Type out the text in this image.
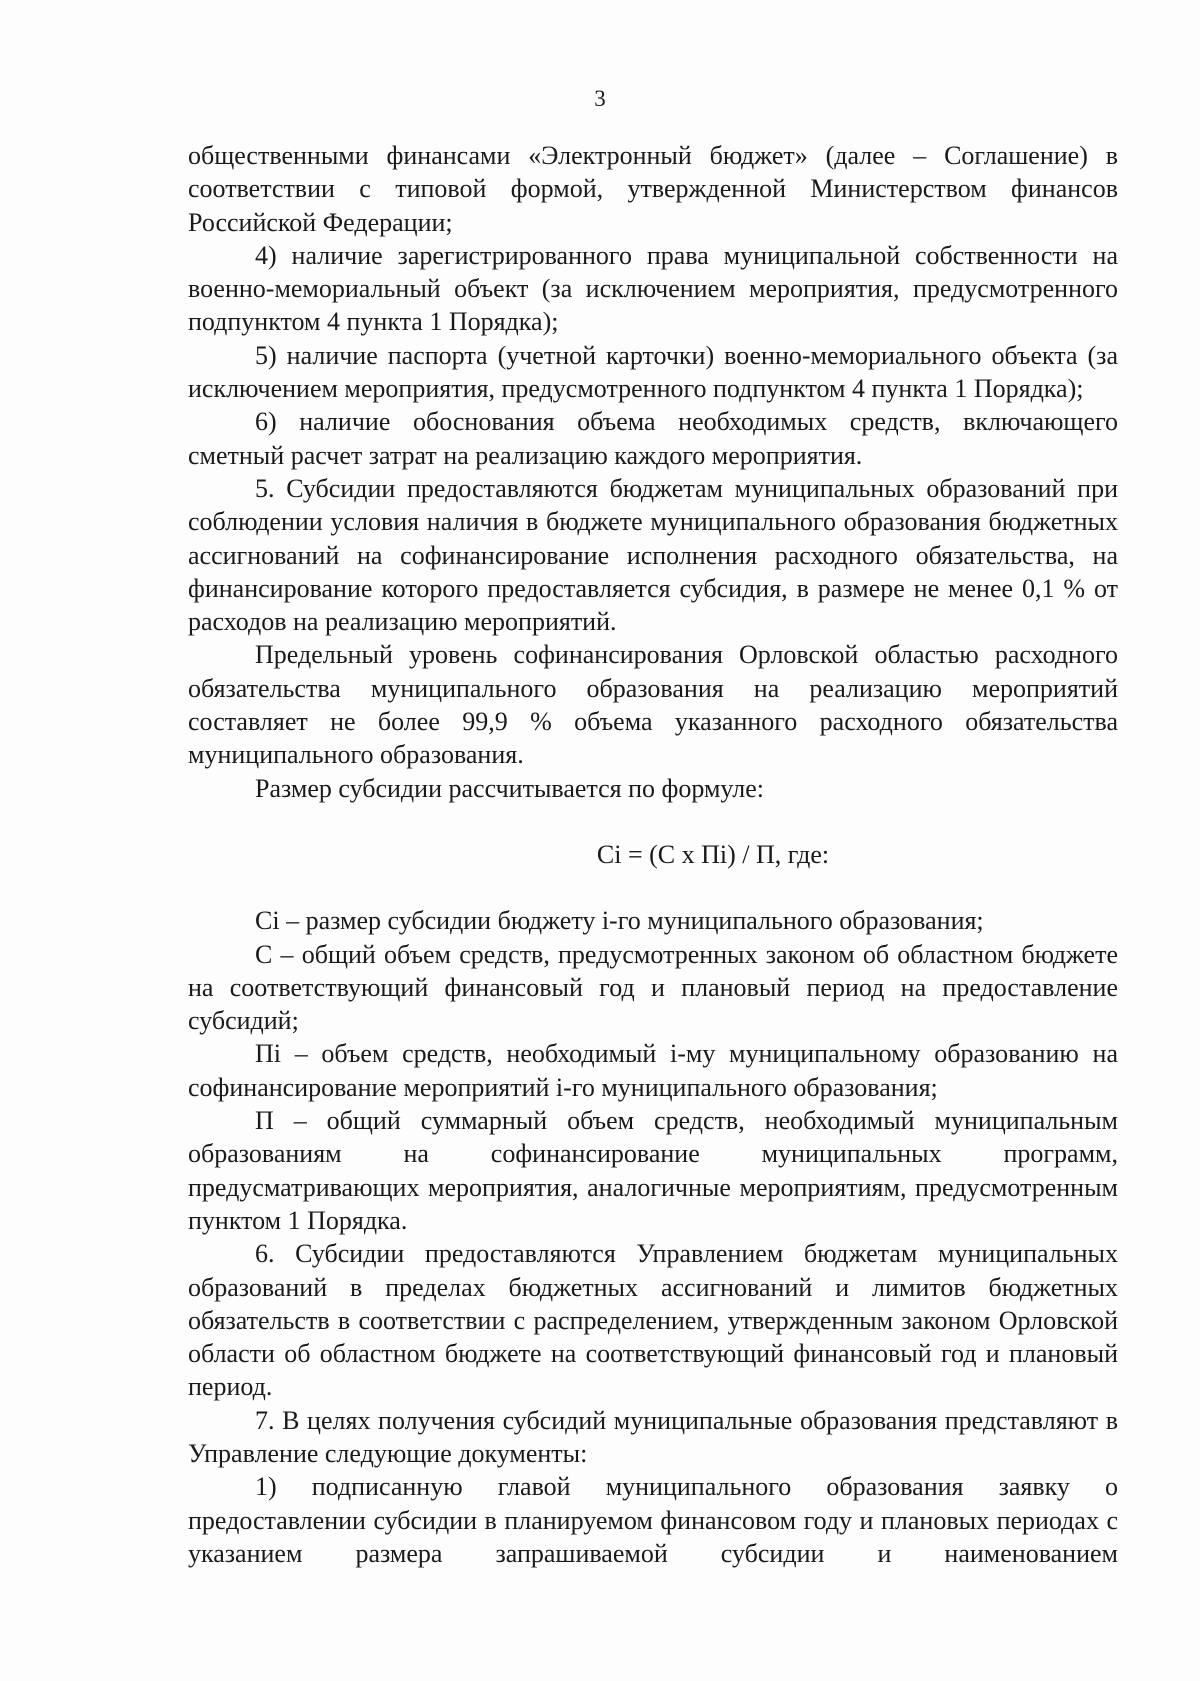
3

общественными финансами «Электронный бюджет» (далее – Соглашение) в соответствии с типовой формой, утвержденной Министерством финансов Российской Федерации;

4) наличие зарегистрированного права муниципальной собственности на военно-мемориальный объект (за исключением мероприятия, предусмотренного подпунктом 4 пункта 1 Порядка);

5) наличие паспорта (учетной карточки) военно-мемориального объекта (за исключением мероприятия, предусмотренного подпунктом 4 пункта 1 Порядка);

6) наличие обоснования объема необходимых средств, включающего сметный расчет затрат на реализацию каждого мероприятия.

5. Субсидии предоставляются бюджетам муниципальных образований при соблюдении условия наличия в бюджете муниципального образования бюджетных ассигнований на софинансирование исполнения расходного обязательства, на финансирование которого предоставляется субсидия, в размере не менее 0,1 % от расходов на реализацию мероприятий.

Предельный уровень софинансирования Орловской областью расходного обязательства муниципального образования на реализацию мероприятий составляет не более 99,9 % объема указанного расходного обязательства муниципального образования.

Размер субсидии рассчитывается по формуле:

Ci = (C x Пi) / П, где:

Ci – размер субсидии бюджету i-го муниципального образования;

C – общий объем средств, предусмотренных законом об областном бюджете на соответствующий финансовый год и плановый период на предоставление субсидий;

Пi – объем средств, необходимый i-му муниципальному образованию на софинансирование мероприятий i-го муниципального образования;

П – общий суммарный объем средств, необходимый муниципальным образованиям на софинансирование муниципальных программ, предусматривающих мероприятия, аналогичные мероприятиям, предусмотренным пунктом 1 Порядка.

6. Субсидии предоставляются Управлением бюджетам муниципальных образований в пределах бюджетных ассигнований и лимитов бюджетных обязательств в соответствии с распределением, утвержденным законом Орловской области об областном бюджете на соответствующий финансовый год и плановый период.

7. В целях получения субсидий муниципальные образования представляют в Управление следующие документы:

1) подписанную главой муниципального образования заявку о предоставлении субсидии в планируемом финансовом году и плановых периодах с указанием размера запрашиваемой субсидии и наименованием
